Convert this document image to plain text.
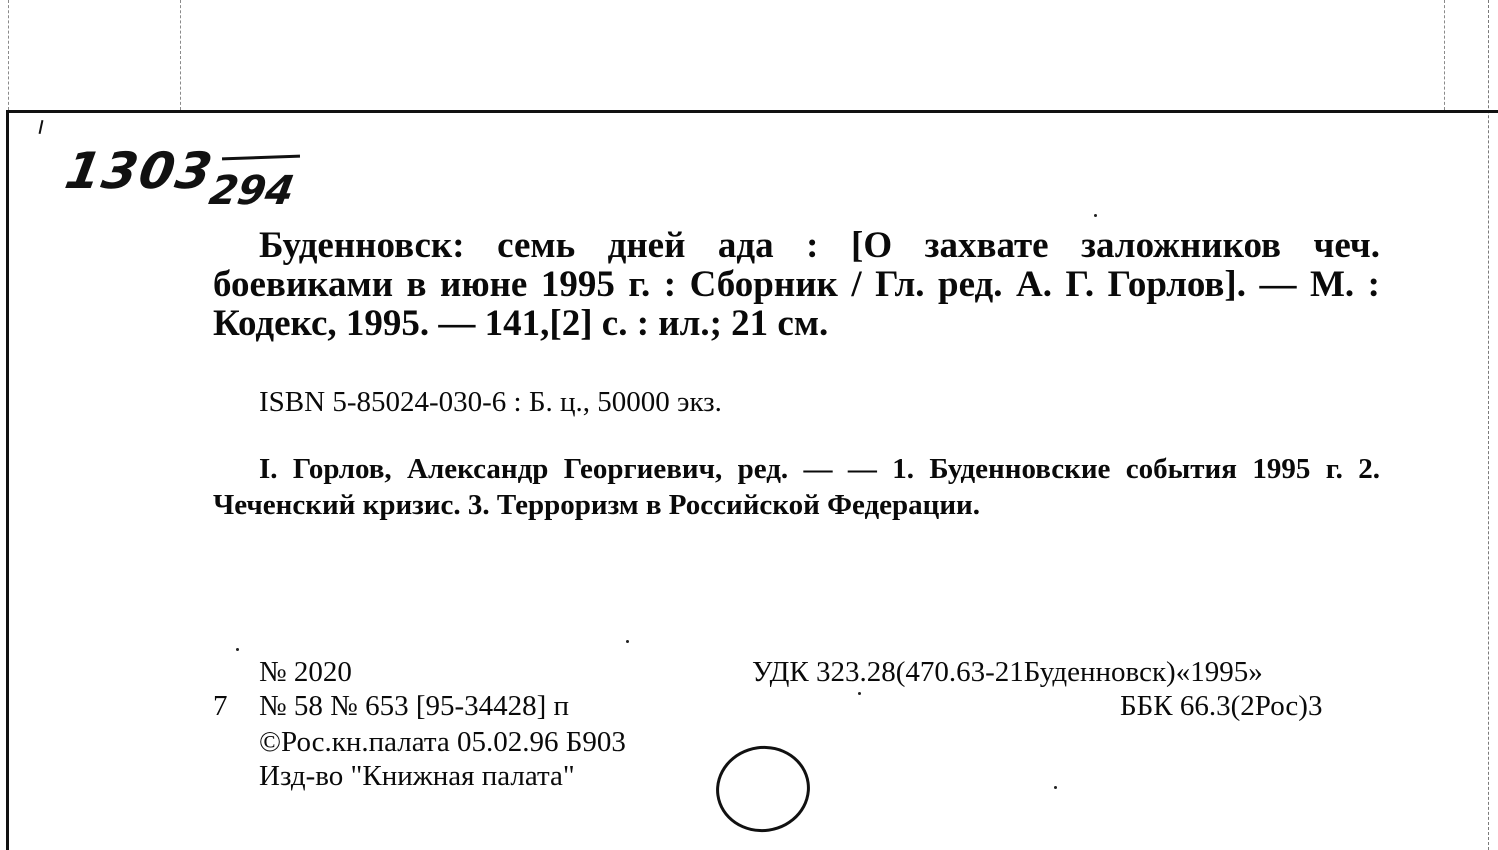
1303
294

Буденновск: семь дней ада : [О захвате заложников чеч. боевиками в июне 1995 г. : Сборник / Гл. ред. А. Г. Горлов]. — М. : Кодекс, 1995. — 141,[2] с. : ил.; 21 см.

ISBN 5-85024-030-6 : Б. ц., 50000 экз.

I. Горлов, Александр Георгиевич, ред. — — 1. Буденновские события 1995 г. 2. Чеченский кризис. 3. Терроризм в Российской Федерации.

№ 2020	УДК 323.28(470.63-21Буденновск)«1995»

7 № 58 № 653 [95-34428] п	ББК 66.3(2Рос)3

©Рос.кн.палата 05.02.96 Б903

Изд-во "Книжная палата"
